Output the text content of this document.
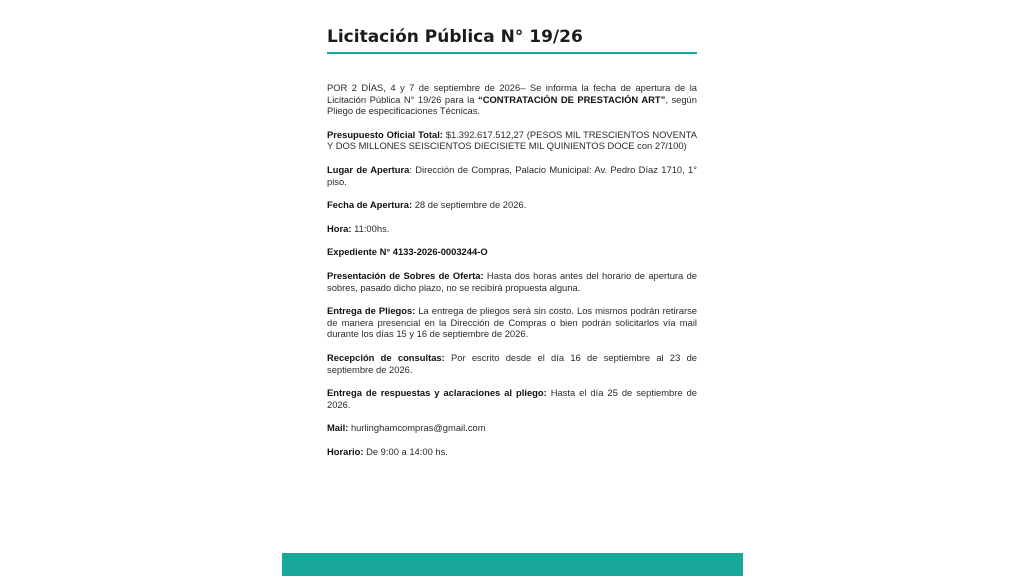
Licitación Pública N° 19/26

POR 2 DÍAS, 4 y 7 de septiembre de 2026– Se informa la fecha de apertura de la Licitación Pública N° 19/26 para la “CONTRATACIÓN DE PRESTACIÓN ART”, según Pliego de especificaciones Técnicas.

Presupuesto Oficial Total: $1.392.617.512,27 (PESOS MIL TRESCIENTOS NOVENTA Y DOS MILLONES SEISCIENTOS DIECISIETE MIL QUINIENTOS DOCE con 27/100)

Lugar de Apertura: Dirección de Compras, Palacio Municipal: Av. Pedro Díaz 1710, 1° piso.

Fecha de Apertura: 28 de septiembre de 2026.

Hora: 11:00hs.

Expediente N° 4133-2026-0003244-O

Presentación de Sobres de Oferta: Hasta dos horas antes del horario de apertura de sobres, pasado dicho plazo, no se recibirá propuesta alguna.

Entrega de Pliegos: La entrega de pliegos será sin costo. Los mismos podrán retirarse de manera presencial en la Dirección de Compras o bien podrán solicitarlos vía mail durante los días 15 y 16 de septiembre de 2026.

Recepción de consultas: Por escrito desde el día 16 de septiembre al 23 de septiembre de 2026.

Entrega de respuestas y aclaraciones al pliego: Hasta el día 25 de septiembre de 2026.

Mail: hurlinghamcompras@gmail.com

Horario: De 9:00 a 14:00 hs.
